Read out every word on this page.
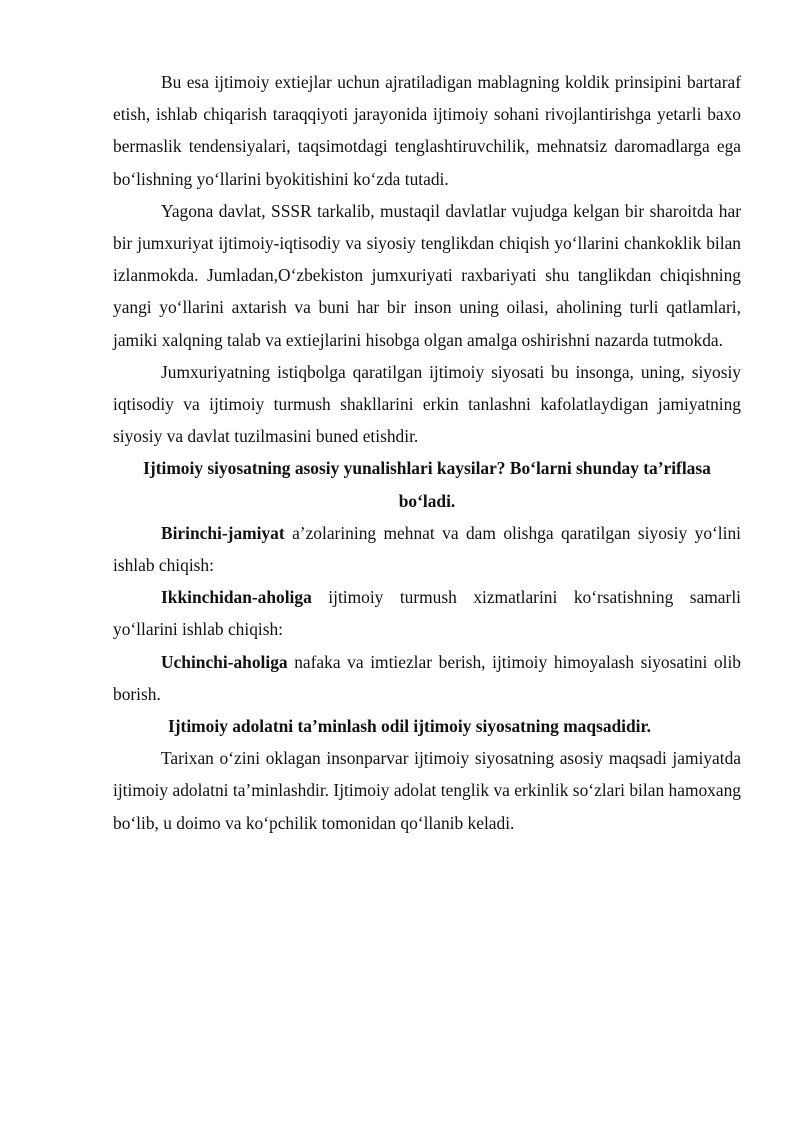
Bu esa ijtimoiy extiejlar uchun ajratiladigan mablagning koldik prinsipini bartaraf etish, ishlab chiqarish taraqqiyoti jarayonida ijtimoiy sohani rivojlantirishga yetarli baxo bermaslik tendensiyalari, taqsimotdagi tenglashtiruvchilik, mehnatsiz daromadlarga ega bo‘lishning yo‘llarini byokitishini ko‘zda tutadi.

Yagona davlat, SSSR tarkalib, mustaqil davlatlar vujudga kelgan bir sharoitda har bir jumxuriyat ijtimoiy-iqtisodiy va siyosiy tenglikdan chiqish yo‘llarini chankoklik bilan izlanmokda. Jumladan,O‘zbekiston jumxuriyati raxbariyati shu tanglikdan chiqishning yangi yo‘llarini axtarish va buni har bir inson uning oilasi, aholining turli qatlamlari, jamiki xalqning talab va extiejlarini hisobga olgan amalga oshirishni nazarda tutmokda.

Jumxuriyatning istiqbolga qaratilgan ijtimoiy siyosati bu insonga, uning, siyosiy iqtisodiy va ijtimoiy turmush shakllarini erkin tanlashni kafolatlaydigan jamiyatning siyosiy va davlat tuzilmasini buned etishdir.

Ijtimoiy siyosatning asosiy yunalishlari kaysilar? Bo‘larni shunday ta’riflasa bo‘ladi.

Birinchi-jamiyat a’zolarining mehnat va dam olishga qaratilgan siyosiy yo‘lini ishlab chiqish:

Ikkinchidan-aholiga ijtimoiy turmush xizmatlarini ko‘rsatishning samarli yo‘llarini ishlab chiqish:

Uchinchi-aholiga nafaka va imtiezlar berish, ijtimoiy himoyalash siyosatini olib borish.

Ijtimoiy adolatni ta’minlash odil ijtimoiy siyosatning maqsadidir.

Tarixan o‘zini oklagan insonparvar ijtimoiy siyosatning asosiy maqsadi jamiyatda ijtimoiy adolatni ta’minlashdir. Ijtimoiy adolat tenglik va erkinlik so‘zlari bilan hamoxang bo‘lib, u doimo va ko‘pchilik tomonidan qo‘llanib keladi.
